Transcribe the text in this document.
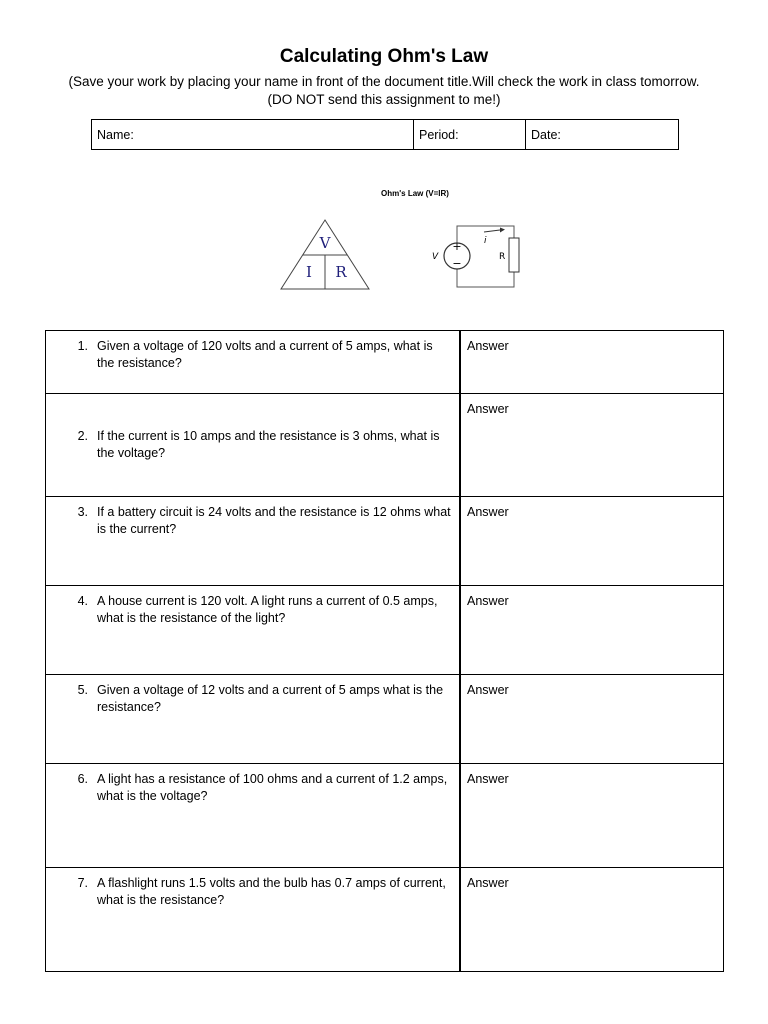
Calculating Ohm's Law
(Save your work by placing your name in front of the document title.Will check the work in class tomorrow.
(DO NOT send this assignment to me!)
Name:	Period:	Date:
Ohm's Law (V=IR)
V
I R
+
−
V
i
R
1. Given a voltage of 120 volts and a current of 5 amps, what is the resistance?	Answer

2. If the current is 10 amps and the resistance is 3 ohms, what is the voltage?	Answer

3. If a battery circuit is 24 volts and the resistance is 12 ohms what is the current?	Answer

4. A house current is 120 volt. A light runs a current of 0.5 amps, what is the resistance of the light?	Answer

5. Given a voltage of 12 volts and a current of 5 amps what is the resistance?	Answer

6. A light has a resistance of 100 ohms and a current of 1.2 amps, what is the voltage?	Answer

7. A flashlight runs 1.5 volts and the bulb has 0.7 amps of current, what is the resistance?	Answer
